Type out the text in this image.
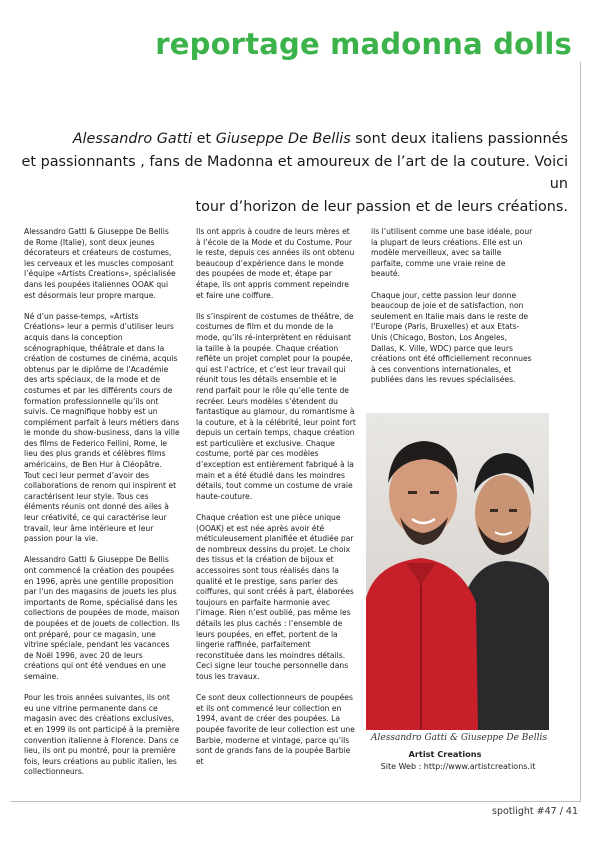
reportage madonna dolls

Alessandro Gatti et Giuseppe De Bellis sont deux italiens passionnés
et passionnants , fans de Madonna et amoureux de l’art de la couture. Voici un
tour d’horizon de leur passion et de leurs créations.

Alessandro Gatti & Giuseppe De Bellis de Rome (Italie), sont deux jeunes décorateurs et créateurs de costumes, les cerveaux et les muscles composant l’équipe «Artists Creations», spécialisée dans les poupées italiennes OOAK qui est désormais leur propre marque.

Né d’un passe-temps, «Artists Créations» leur a permis d’utiliser leurs acquis dans la conception scénographique, théâtrale et dans la création de costumes de cinéma, acquis obtenus par le diplôme de l’Académie des arts spéciaux, de la mode et de costumes et par les différents cours de formation professionnelle qu’ils ont suivis. Ce magnifique hobby est un complément parfait à leurs métiers dans le monde du show-business, dans la ville des films de Federico Fellini, Rome, le lieu des plus grands et célèbres films américains, de Ben Hur à Cléopâtre. Tout ceci leur permet d’avoir des collaborations de renom qui inspirent et caractérisent leur style. Tous ces éléments réunis ont donné des ailes à leur créativité, ce qui caractérise leur travail, leur âme intérieure et leur passion pour la vie.

Alessandro Gatti & Giuseppe De Bellis ont commencé la création des poupées en 1996, après une gentille proposition par l’un des magasins de jouets les plus importants de Rome, spécialisé dans les collections de poupées de mode, maison de poupées et de jouets de collection. Ils ont préparé, pour ce magasin, une vitrine spéciale, pendant les vacances de Noël 1996, avec 20 de leurs créations qui ont été vendues en une semaine.

Pour les trois années suivantes, ils ont eu une vitrine permanente dans ce magasin avec des créations exclusives, et en 1999 ils ont participé à la première convention italienne à Florence. Dans ce lieu, ils ont pu montré, pour la première fois, leurs créations au public italien, les collectionneurs.

Ils ont appris à coudre de leurs mères et à l’école de la Mode et du Costume. Pour le reste, depuis ces années ils ont obtenu beaucoup d’expérience dans le monde des poupées de mode et, étape par étape, ils ont appris comment repeindre et faire une coiffure.

Ils s’inspirent de costumes de théâtre, de costumes de film et du monde de la mode, qu’ils ré-interprètent en réduisant la taille à la poupée. Chaque création reflète un projet complet pour la poupée, qui est l’actrice, et c’est leur travail qui réunit tous les détails ensemble et le rend parfait pour le rôle qu’elle tente de recréer. Leurs modèles s’étendent du fantastique au glamour, du romantisme à la couture, et à la célébrité, leur point fort depuis un certain temps, chaque création est particulière et exclusive. Chaque costume, porté par ces modèles d’exception est entièrement fabriqué à la main et a été étudié dans les moindres détails, tout comme un costume de vraie haute-couture.

Chaque création est une pièce unique (OOAK) et est née après avoir été méticuleusement planifiée et étudiée par de nombreux dessins du projet. Le choix des tissus et la création de bijoux et accessoires sont tous réalisés dans la qualité et le prestige, sans parler des coiffures, qui sont créés à part, élaborées toujours en parfaite harmonie avec l’image. Rien n’est oublié, pas même les détails les plus cachés : l’ensemble de leurs poupées, en effet, portent de la lingerie raffinée, parfaitement reconstituée dans les moindres détails. Ceci signe leur touche personnelle dans tous les travaux.

Ce sont deux collectionneurs de poupées et ils ont commencé leur collection en 1994, avant de créer des poupées. La poupée favorite de leur collection est une Barbie, moderne et vintage, parce qu’ils sont de grands fans de la poupée Barbie et

ils l’utilisent comme une base idéale, pour la plupart de leurs créations. Elle est un modèle merveilleux, avec sa taille parfaite, comme une vraie reine de beauté.

Chaque jour, cette passion leur donne beaucoup de joie et de satisfaction, non seulement en Italie mais dans le reste de l’Europe (Paris, Bruxelles) et aux Etats-Unis (Chicago, Boston, Los Angeles, Dallas, K. Ville, WDC) parce que leurs créations ont été officiellement reconnues à ces conventions internationales, et publiées dans les revues spécialisées.

Alessandro Gatti & Giuseppe De Bellis
Artist Creations
Site Web : http://www.artistcreations.it
spotlight #47 / 41
